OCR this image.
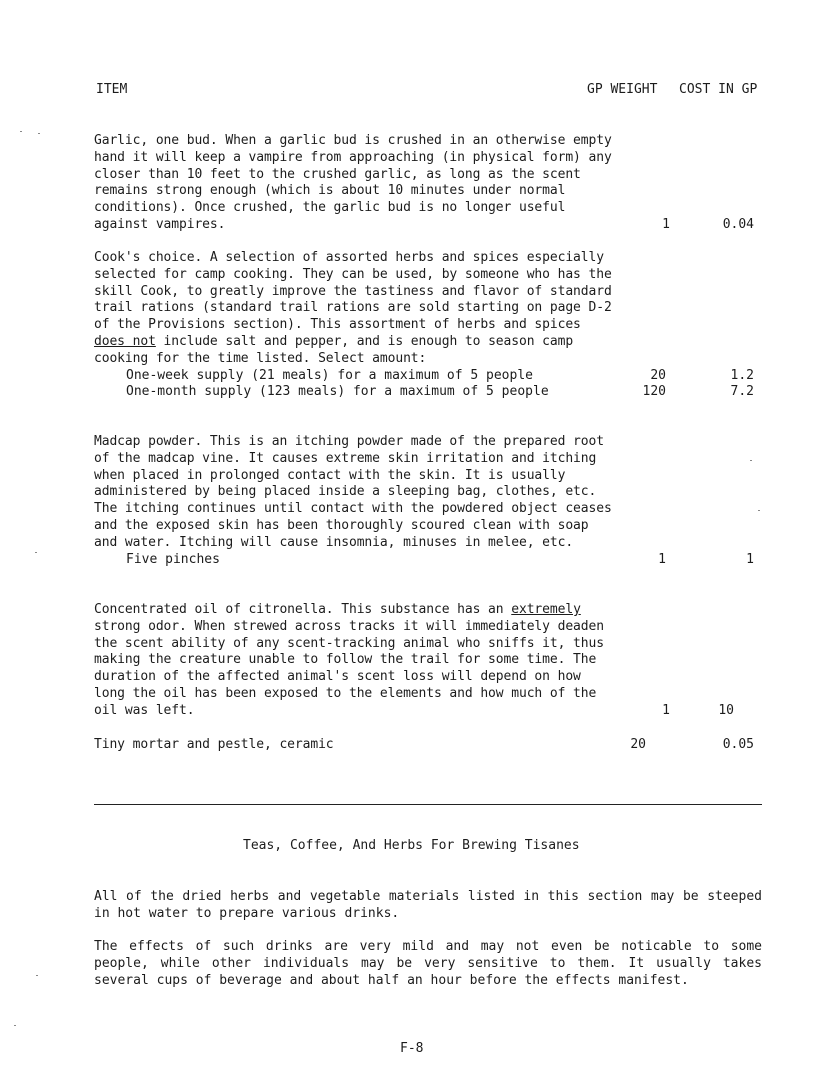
ITEM	GP WEIGHT COST IN GP
Garlic, one bud. When a garlic bud is crushed in an otherwise empty hand it will keep a vampire from approaching (in physical form) any closer than 10 feet to the crushed garlic, as long as the scent remains strong enough (which is about 10 minutes under normal conditions). Once crushed, the garlic bud is no longer useful against vampires.	1	0.04
Cook's choice. A selection of assorted herbs and spices especially selected for camp cooking. They can be used, by someone who has the skill Cook, to greatly improve the tastiness and flavor of standard trail rations (standard trail rations are sold starting on page D-2 of the Provisions section). This assortment of herbs and spices does not include salt and pepper, and is enough to season camp cooking for the time listed. Select amount:
One-week supply (21 meals) for a maximum of 5 people	20	1.2
One-month supply (123 meals) for a maximum of 5 people	120	7.2
Madcap powder. This is an itching powder made of the prepared root of the madcap vine. It causes extreme skin irritation and itching when placed in prolonged contact with the skin. It is usually administered by being placed inside a sleeping bag, clothes, etc. The itching continues until contact with the powdered object ceases and the exposed skin has been thoroughly scoured clean with soap and water. Itching will cause insomnia, minuses in melee, etc.
Five pinches	1	1
Concentrated oil of citronella. This substance has an extremely strong odor. When strewed across tracks it will immediately deaden the scent ability of any scent-tracking animal who sniffs it, thus making the creature unable to follow the trail for some time. The duration of the affected animal's scent loss will depend on how long the oil has been exposed to the elements and how much of the oil was left.	1	10
Tiny mortar and pestle, ceramic	20	0.05
Teas, Coffee, And Herbs For Brewing Tisanes
All of the dried herbs and vegetable materials listed in this section may be steeped in hot water to prepare various drinks.
The effects of such drinks are very mild and may not even be noticable to some people, while other individuals may be very sensitive to them. It usually takes several cups of beverage and about half an hour before the effects manifest.
F-8
